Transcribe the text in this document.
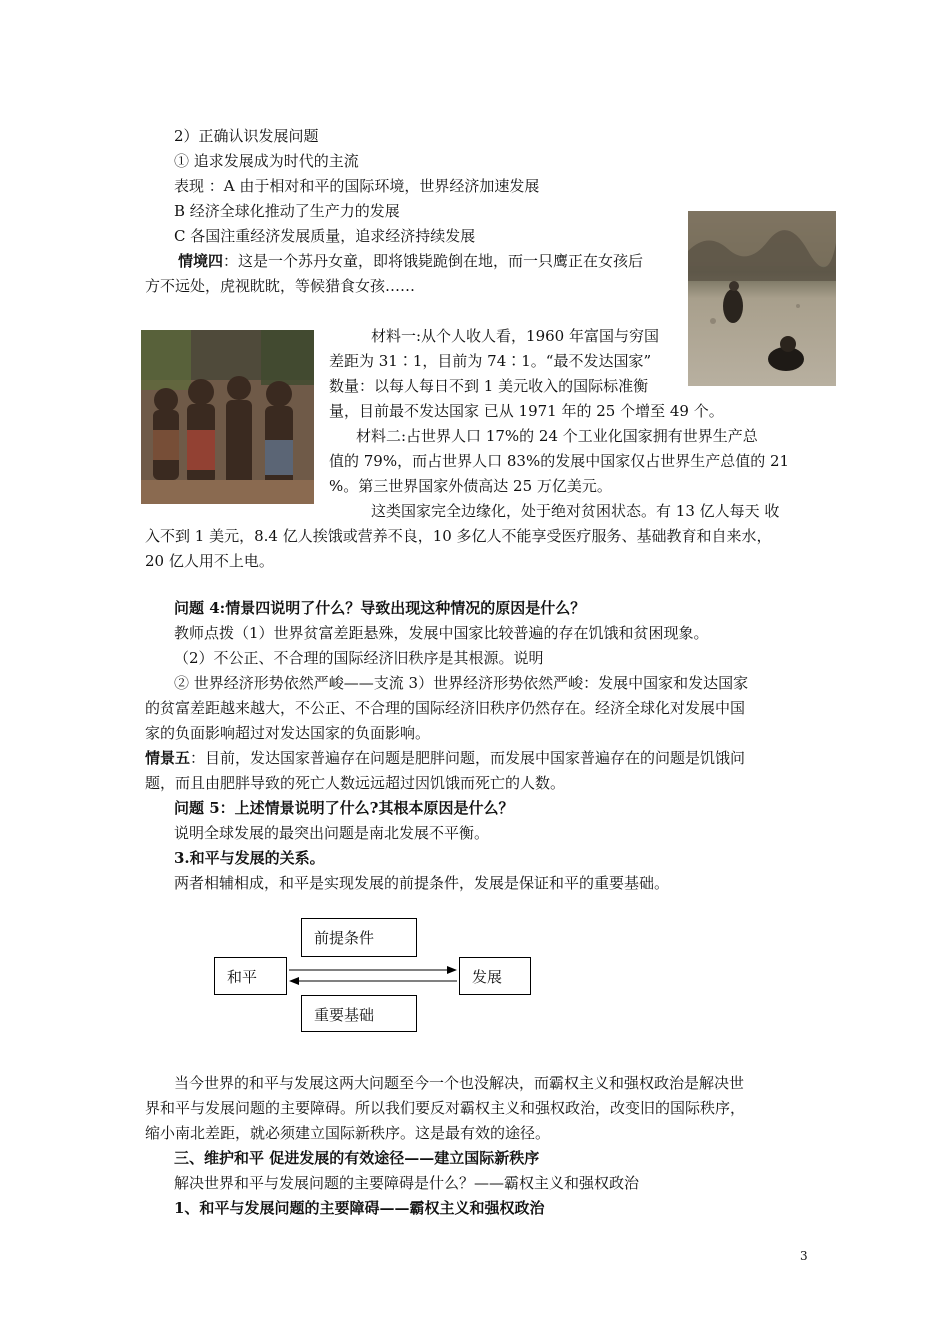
2）正确认识发展问题
① 追求发展成为时代的主流
表现 ：A 由于相对和平的国际环境，世界经济加速发展
B 经济全球化推动了生产力的发展
C 各国注重经济发展质量，追求经济持续发展
情境四：这是一个苏丹女童，即将饿毙跪倒在地，而一只鹰正在女孩后
方不远处，虎视眈眈，等候猎食女孩……
材料一:从个人收人看，1960 年富国与穷国
差距为 31∶1，目前为 74∶1。“最不发达国家”
数量：以每人每日不到 1 美元收入的国际标准衡
量，目前最不发达国家 已从 1971 年的 25 个增至 49 个。
材料二:占世界人口 17%的 24 个工业化国家拥有世界生产总
值的 79%，而占世界人口 83%的发展中国家仅占世界生产总值的 21
%。第三世界国家外债高达 25 万亿美元。
这类国家完全边缘化，处于绝对贫困状态。有 13 亿人每天 收
入不到 1 美元，8.4 亿人挨饿或营养不良，10 多亿人不能享受医疗服务、基础教育和自来水，
20 亿人用不上电。
问题 4:情景四说明了什么？导致出现这种情况的原因是什么？
教师点拨（1）世界贫富差距悬殊，发展中国家比较普遍的存在饥饿和贫困现象。
（2）不公正、不合理的国际经济旧秩序是其根源。说明
② 世界经济形势依然严峻——支流 3）世界经济形势依然严峻：发展中国家和发达国家
的贫富差距越来越大，不公正、不合理的国际经济旧秩序仍然存在。经济全球化对发展中国
家的负面影响超过对发达国家的负面影响。
情景五：目前，发达国家普遍存在问题是肥胖问题，而发展中国家普遍存在的问题是饥饿问
题，而且由肥胖导致的死亡人数远远超过因饥饿而死亡的人数。
问题 5：上述情景说明了什么?其根本原因是什么？
说明全球发展的最突出问题是南北发展不平衡。
3.和平与发展的关系。
两者相辅相成，和平是实现发展的前提条件，发展是保证和平的重要基础。
前提条件
和平	发展
重要基础
当今世界的和平与发展这两大问题至今一个也没解决，而霸权主义和强权政治是解决世
界和平与发展问题的主要障碍。所以我们要反对霸权主义和强权政治，改变旧的国际秩序，
缩小南北差距，就必须建立国际新秩序。这是最有效的途径。
三、维护和平 促进发展的有效途径——建立国际新秩序
解决世界和平与发展问题的主要障碍是什么？——霸权主义和强权政治
1、和平与发展问题的主要障碍——霸权主义和强权政治
3
